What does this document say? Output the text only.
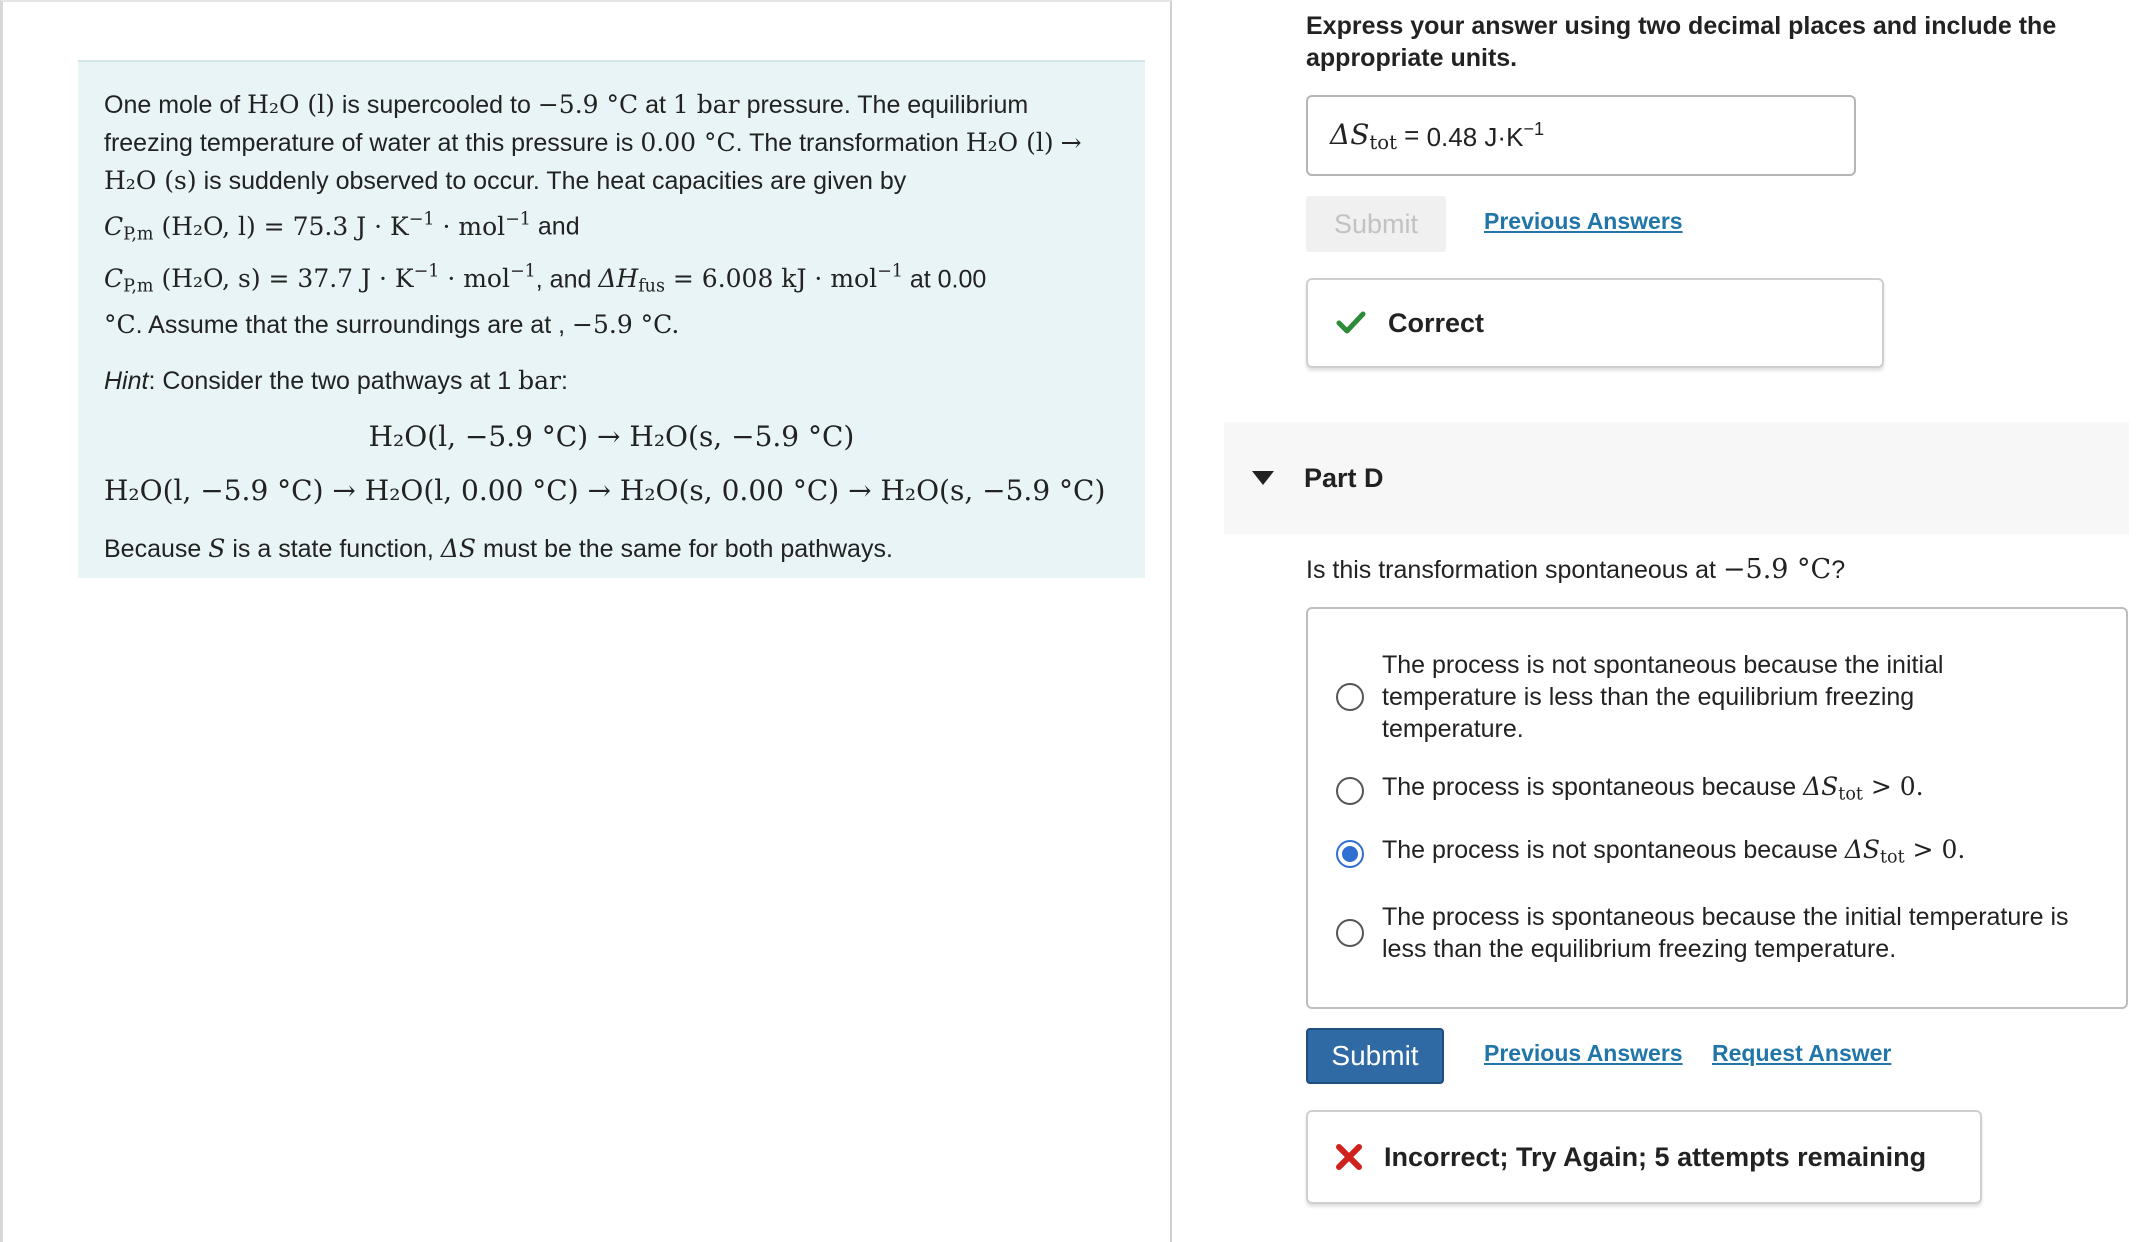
One mole of H₂O (l) is supercooled to −5.9 °C at 1 bar pressure. The equilibrium freezing temperature of water at this pressure is 0.00 °C. The transformation H₂O (l) → H₂O (s) is suddenly observed to occur. The heat capacities are given by
$C_{P,m}$ (H₂O, l) = 75.3 $J \cdot K^{-1} \cdot mol^{-1}$ and
$C_{P,m}$ (H₂O, s) = 37.7 $J \cdot K^{-1} \cdot mol^{-1}$, and $\Delta H_{fus} = 6.008$ kJ · mol$^{-1}$ at 0.00
°C. Assume that the surroundings are at , −5.9 °C.

Hint: Consider the two pathways at 1 bar:

H₂O(l, −5.9 °C) → H₂O(s, −5.9 °C)
H₂O(l, −5.9 °C) → H₂O(l, 0.00 °C) → H₂O(s, 0.00 °C) → H₂O(s, −5.9 °C)

Because S is a state function, ΔS must be the same for both pathways.

Express your answer using two decimal places and include the appropriate units.
$\Delta S_{tot} = 0.48$ $J\cdot K^{-1}$
Submit	Previous Answers
Correct
Part D
Is this transformation spontaneous at −5.9 °C?
The process is not spontaneous because the initial temperature is less than the equilibrium freezing temperature.
The process is spontaneous because $\Delta S_{tot} > 0$.
The process is not spontaneous because $\Delta S_{tot} > 0$.
The process is spontaneous because the initial temperature is less than the equilibrium freezing temperature.
Submit	Previous Answers Request Answer
Incorrect; Try Again; 5 attempts remaining
